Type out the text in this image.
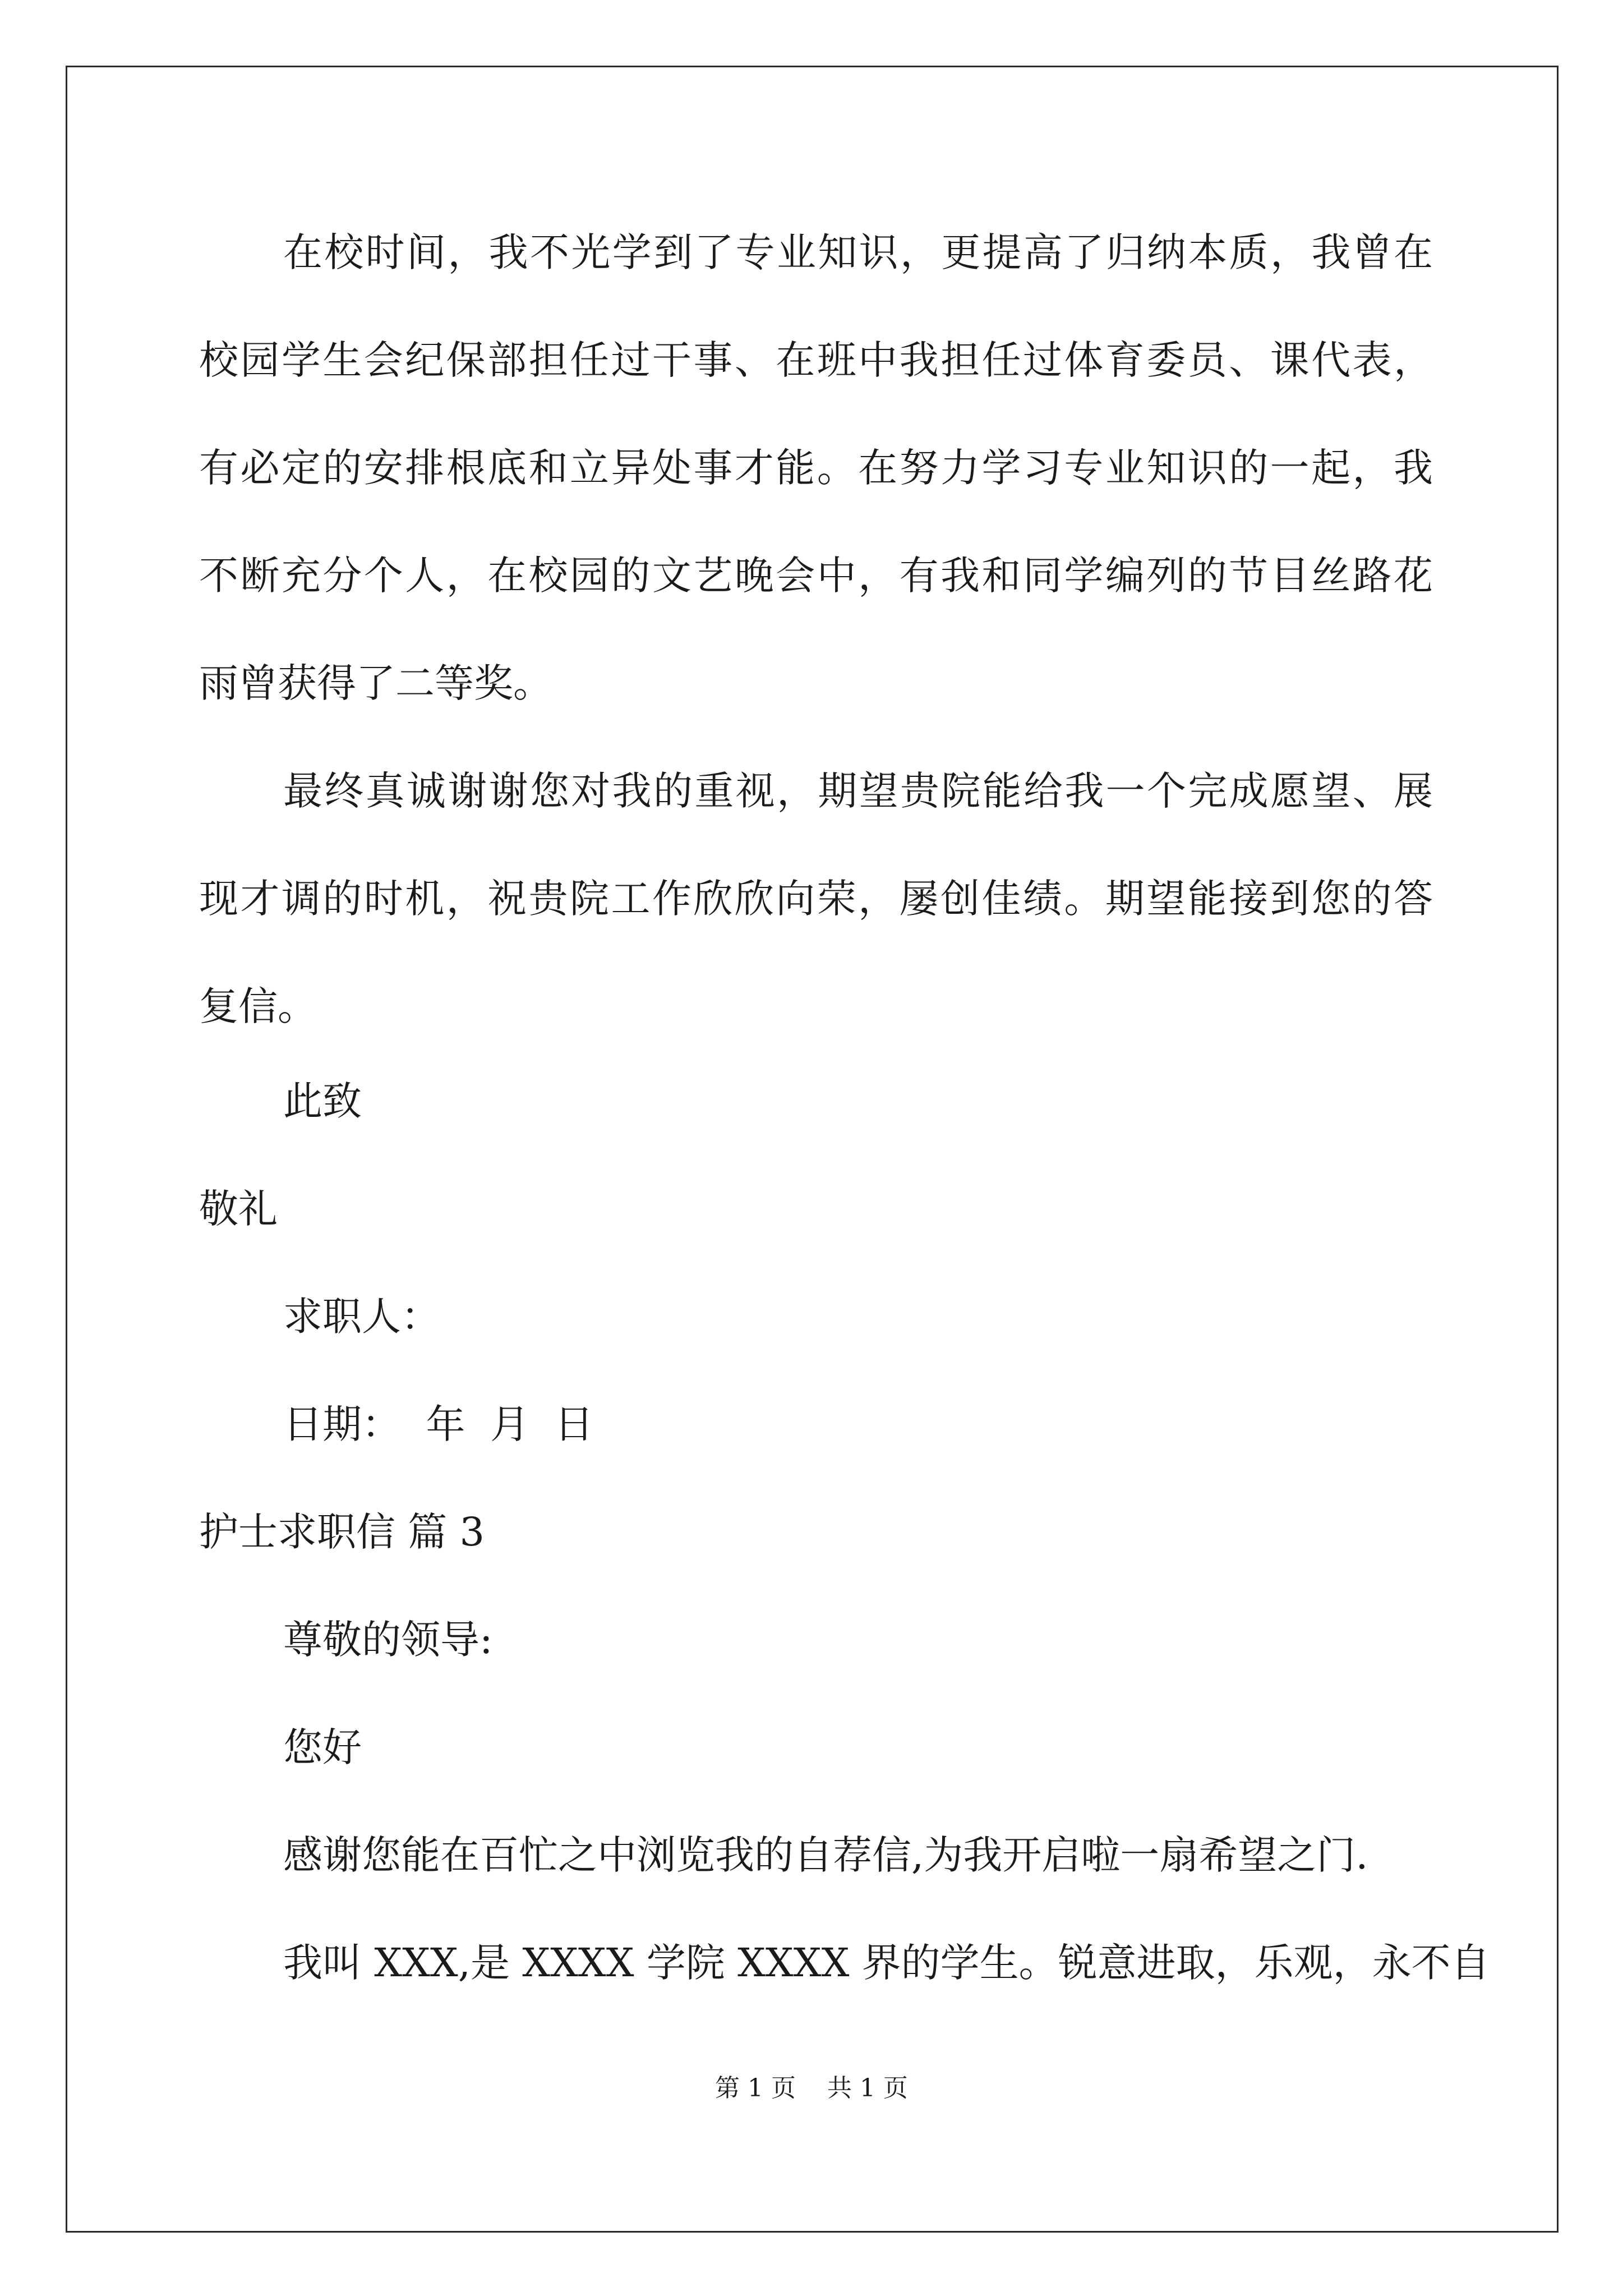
在校时间，我不光学到了专业知识，更提高了归纳本质，我曾在
校园学生会纪保部担任过干事、在班中我担任过体育委员、课代表，
有必定的安排根底和立异处事才能。在努力学习专业知识的一起，我
不断充分个人，在校园的文艺晚会中，有我和同学编列的节目丝路花
雨曾获得了二等奖。
最终真诚谢谢您对我的重视，期望贵院能给我一个完成愿望、展
现才调的时机，祝贵院工作欣欣向荣，屡创佳绩。期望能接到您的答
复信。
此致
敬礼
求职人：
日期：  年  月  日
护士求职信 篇 3
尊敬的领导:
您好
感谢您能在百忙之中浏览我的自荐信,为我开启啦一扇希望之门.
我叫 XXX,是 XXXX 学院 XXXX 界的学生。锐意进取，乐观，永不自
第 1 页    共 1 页
